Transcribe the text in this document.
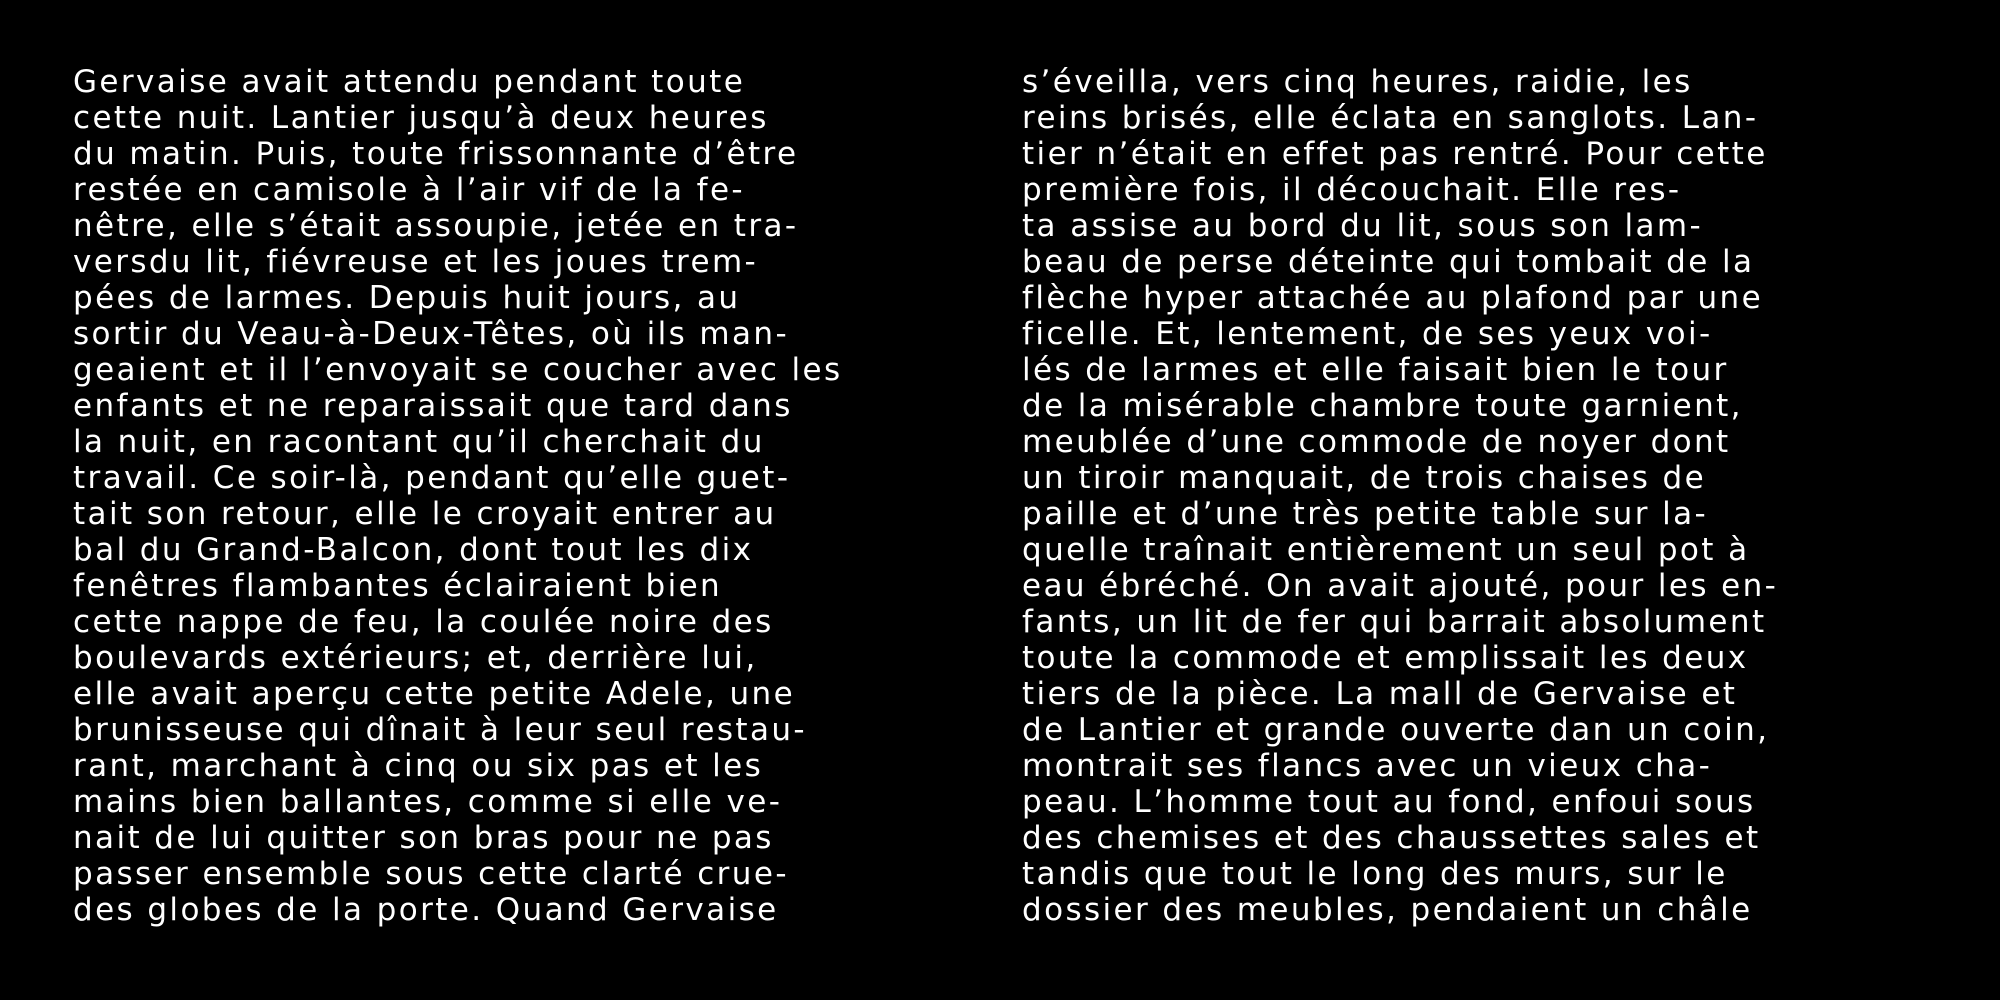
Gervaise avait attendu pendant toute
cette nuit. Lantier jusqu’à deux heures
du matin. Puis, toute frissonnante d’être
restée en camisole à l’air vif de la fe-
nêtre, elle s’était assoupie, jetée en tra-
versdu lit, fiévreuse et les joues trem-
pées de larmes. Depuis huit jours, au
sortir du Veau-à-Deux-Têtes, où ils man-
geaient et il l’envoyait se coucher avec les
enfants et ne reparaissait que tard dans
la nuit, en racontant qu’il cherchait du
travail. Ce soir-là, pendant qu’elle guet-
tait son retour, elle le croyait entrer au
bal du Grand-Balcon, dont tout les dix
fenêtres flambantes éclairaient bien
cette nappe de feu, la coulée noire des
boulevards extérieurs; et, derrière lui,
elle avait aperçu cette petite Adele, une
brunisseuse qui dînait à leur seul restau-
rant, marchant à cinq ou six pas et les
mains bien ballantes, comme si elle ve-
nait de lui quitter son bras pour ne pas
passer ensemble sous cette clarté crue-
des globes de la porte. Quand Gervaise
s’éveilla, vers cinq heures, raidie, les
reins brisés, elle éclata en sanglots. Lan-
tier n’était en effet pas rentré. Pour cette
première fois, il découchait. Elle res-
ta assise au bord du lit, sous son lam-
beau de perse déteinte qui tombait de la
flèche hyper attachée au plafond par une
ficelle. Et, lentement, de ses yeux voi-
lés de larmes et elle faisait bien le tour
de la misérable chambre toute garnient,
meublée d’une commode de noyer dont
un tiroir manquait, de trois chaises de
paille et d’une très petite table sur la-
quelle traînait entièrement un seul pot à
eau ébréché. On avait ajouté, pour les en-
fants, un lit de fer qui barrait absolument
toute la commode et emplissait les deux
tiers de la pièce. La mall de Gervaise et
de Lantier et grande ouverte dan un coin,
montrait ses flancs avec un vieux cha-
peau. L’homme tout au fond, enfoui sous
des chemises et des chaussettes sales et
tandis que tout le long des murs, sur le
dossier des meubles, pendaient un châle
